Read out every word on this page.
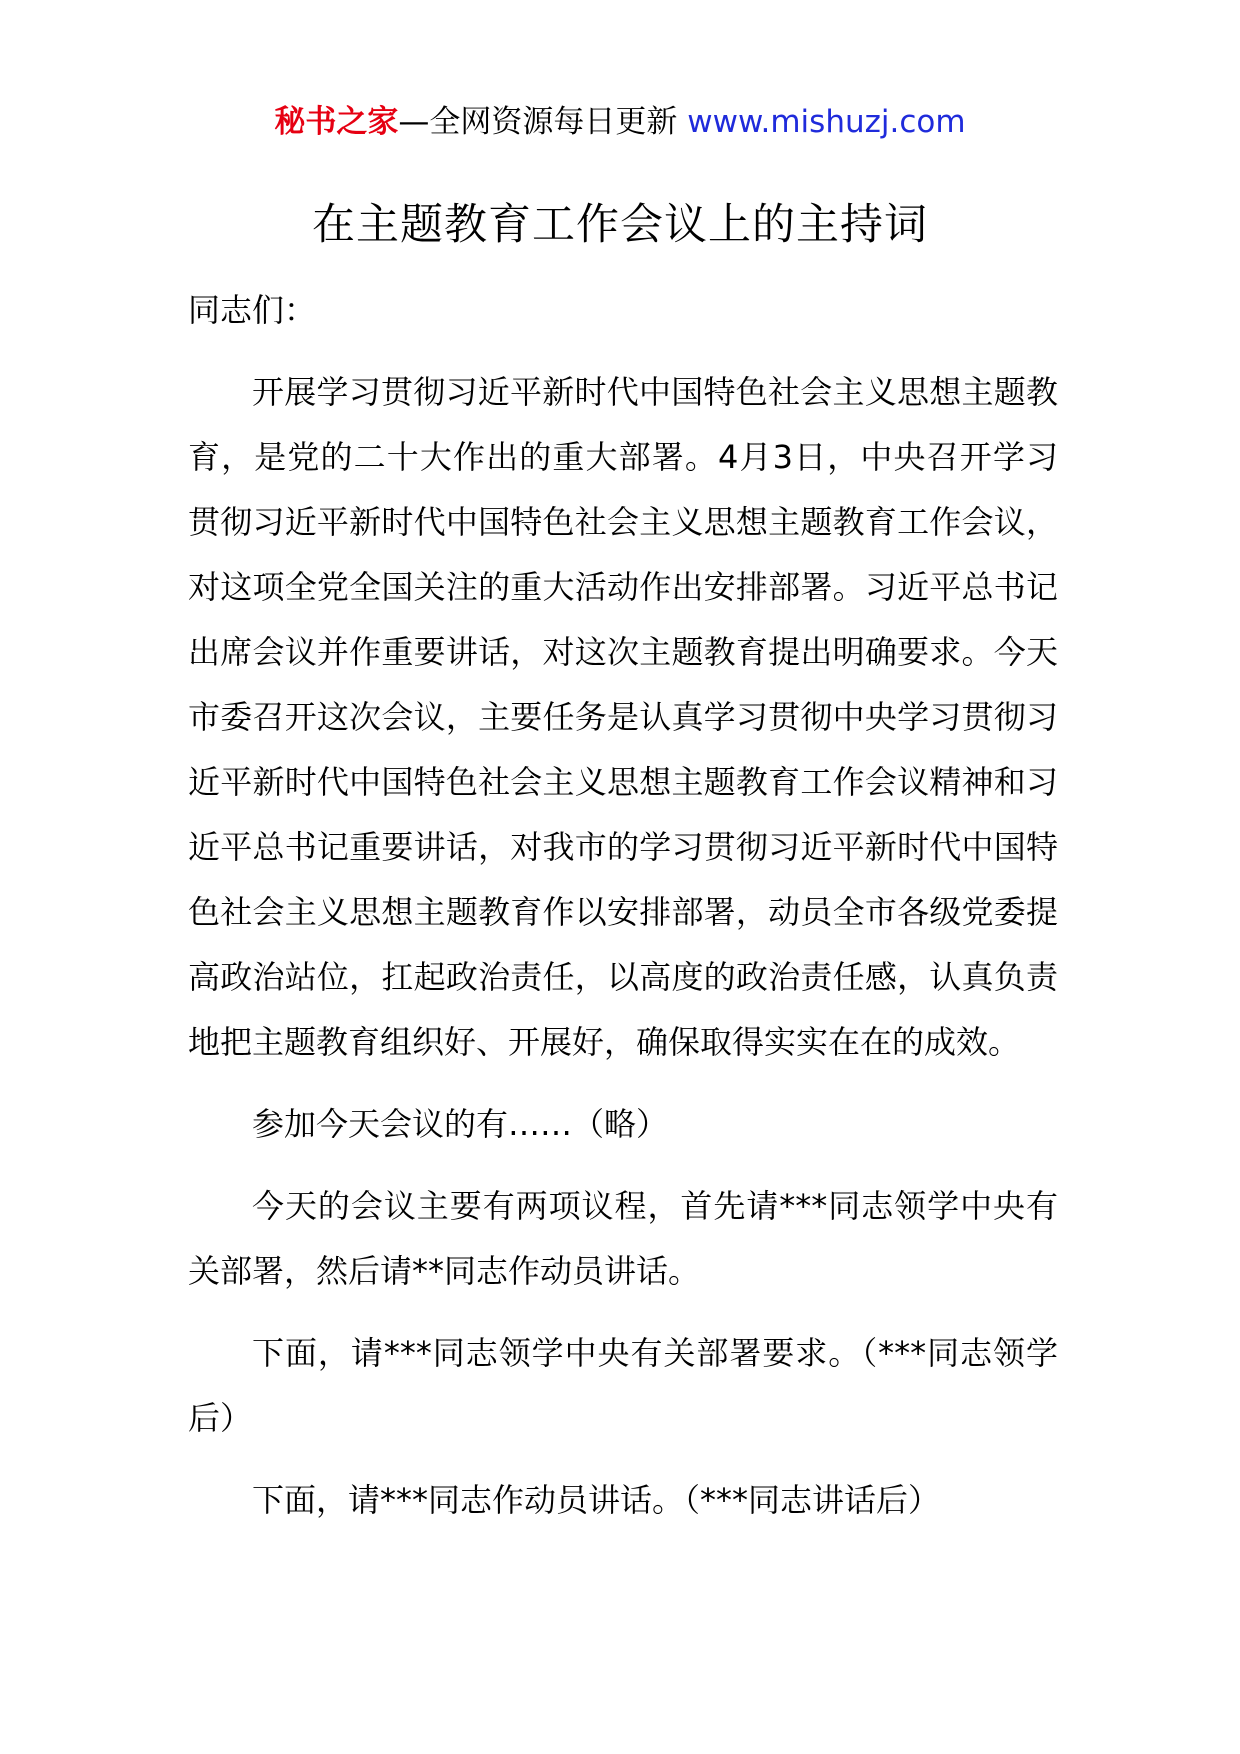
秘书之家—全网资源每日更新 www.mishuzj.com
在主题教育工作会议上的主持词

同志们：

开展学习贯彻习近平新时代中国特色社会主义思想主题教育，是党的二十大作出的重大部署。4月3日，中央召开学习贯彻习近平新时代中国特色社会主义思想主题教育工作会议，对这项全党全国关注的重大活动作出安排部署。习近平总书记出席会议并作重要讲话，对这次主题教育提出明确要求。今天市委召开这次会议，主要任务是认真学习贯彻中央学习贯彻习近平新时代中国特色社会主义思想主题教育工作会议精神和习近平总书记重要讲话，对我市的学习贯彻习近平新时代中国特色社会主义思想主题教育作以安排部署，动员全市各级党委提高政治站位，扛起政治责任，以高度的政治责任感，认真负责地把主题教育组织好、开展好，确保取得实实在在的成效。

参加今天会议的有……（略）

今天的会议主要有两项议程，首先请***同志领学中央有关部署，然后请**同志作动员讲话。

下面，请***同志领学中央有关部署要求。（***同志领学后）

下面，请***同志作动员讲话。（***同志讲话后）
